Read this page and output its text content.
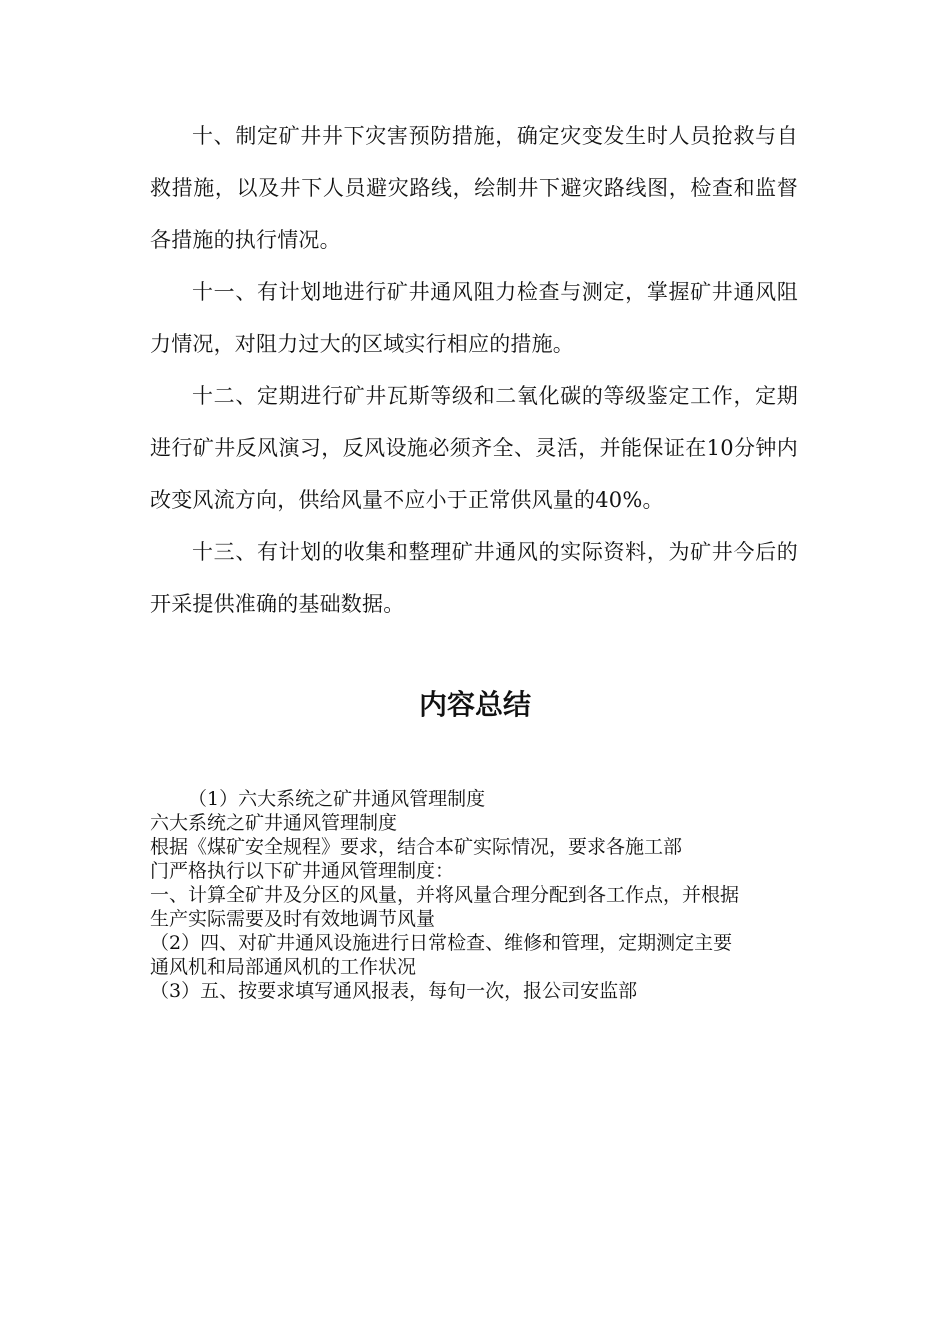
十、制定矿井井下灾害预防措施，确定灾变发生时人员抢救与自救措施，以及井下人员避灾路线，绘制井下避灾路线图，检查和监督各措施的执行情况。

十一、有计划地进行矿井通风阻力检查与测定，掌握矿井通风阻力情况，对阻力过大的区域实行相应的措施。

十二、定期进行矿井瓦斯等级和二氧化碳的等级鉴定工作，定期进行矿井反风演习，反风设施必须齐全、灵活，并能保证在10分钟内改变风流方向，供给风量不应小于正常供风量的40%。

十三、有计划的收集和整理矿井通风的实际资料，为矿井今后的开采提供准确的基础数据。

内容总结

（1）六大系统之矿井通风管理制度

六大系统之矿井通风管理制度

根据《煤矿安全规程》要求，结合本矿实际情况，要求各施工部

门严格执行以下矿井通风管理制度：

一、计算全矿井及分区的风量，并将风量合理分配到各工作点，并根据

生产实际需要及时有效地调节风量

（2）四、对矿井通风设施进行日常检查、维修和管理，定期测定主要

通风机和局部通风机的工作状况

（3）五、按要求填写通风报表，每旬一次，报公司安监部
